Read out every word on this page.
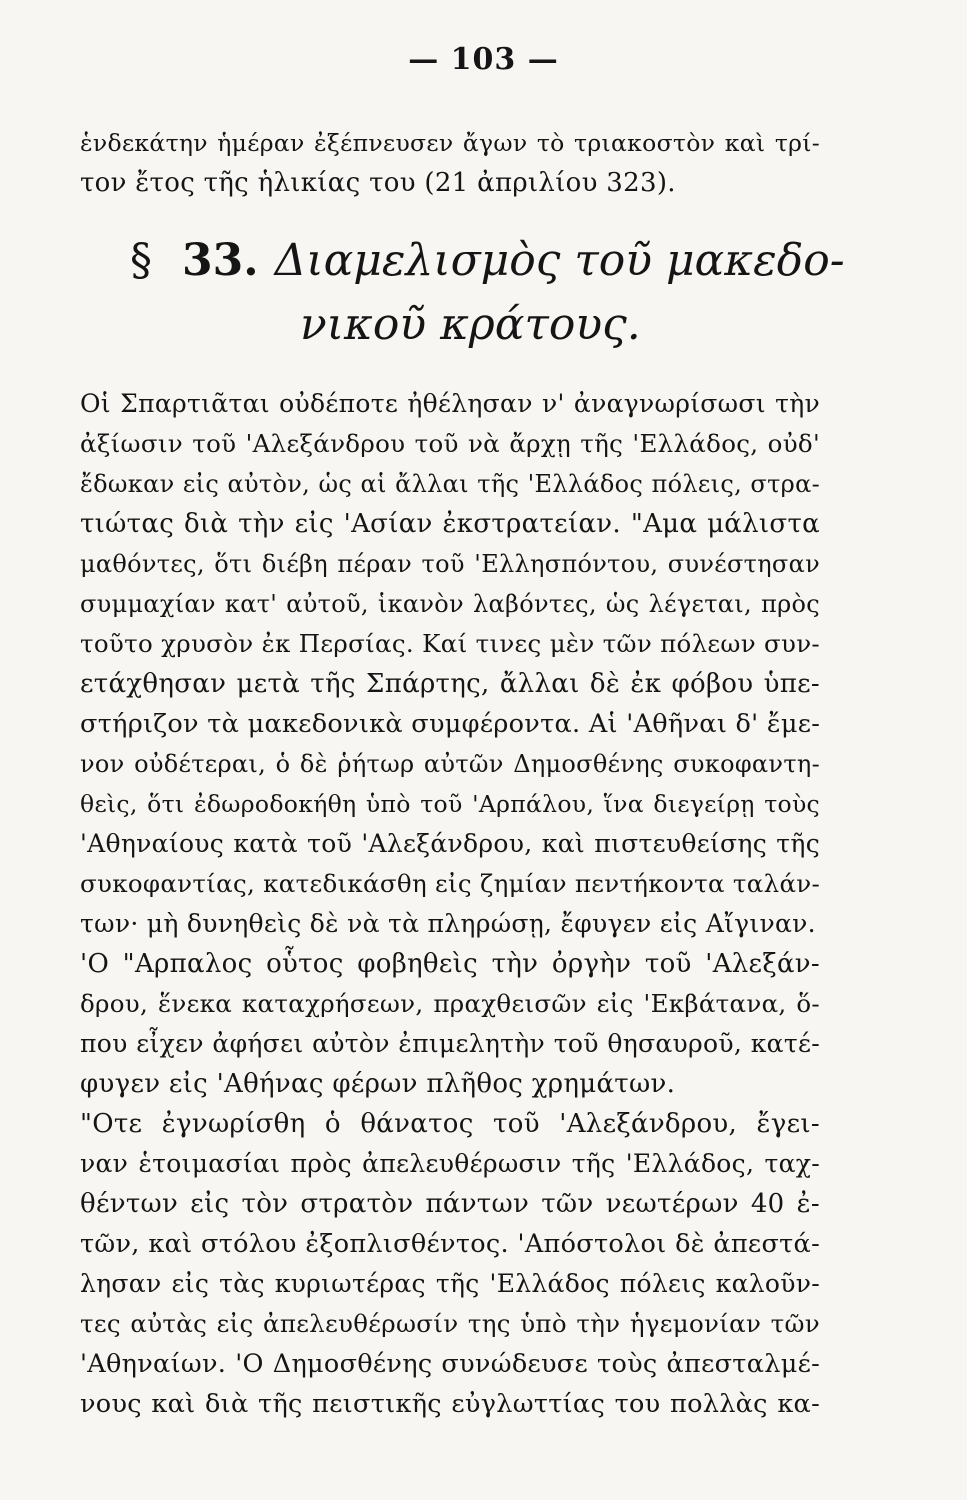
— 103 —
ἑνδεκάτην ἡμέραν ἐξέπνευσεν ἄγων τὸ τριακοστὸν καὶ τρί-
τον ἔτος τῆς ἡλικίας του (21 ἀπριλίου 323).
§ 33. Διαμελισμὸς τοῦ μακεδο-
νικοῦ κράτους.
Οἱ Σπαρτιᾶται οὐδέποτε ἠθέλησαν ν' ἀναγνωρίσωσι τὴν
ἀξίωσιν τοῦ 'Αλεξάνδρου τοῦ νὰ ἄρχῃ τῆς 'Ελλάδος, οὐδ'
ἔδωκαν εἰς αὐτὸν, ὡς αἱ ἄλλαι τῆς 'Ελλάδος πόλεις, στρα-
τιώτας διὰ τὴν εἰς 'Ασίαν ἐκστρατείαν. "Αμα μάλιστα
μαθόντες, ὅτι διέβη πέραν τοῦ 'Ελλησπόντου, συνέστησαν
συμμαχίαν κατ' αὐτοῦ, ἱκανὸν λαβόντες, ὡς λέγεται, πρὸς
τοῦτο χρυσὸν ἐκ Περσίας. Καί τινες μὲν τῶν πόλεων συν-
ετάχθησαν μετὰ τῆς Σπάρτης, ἄλλαι δὲ ἐκ φόβου ὑπε-
στήριζον τὰ μακεδονικὰ συμφέροντα. Αἱ 'Αθῆναι δ' ἔμε-
νον οὐδέτεραι, ὁ δὲ ῥήτωρ αὐτῶν Δημοσθένης συκοφαντη-
θεὶς, ὅτι ἐδωροδοκήθη ὑπὸ τοῦ 'Αρπάλου, ἵνα διεγείρῃ τοὺς
'Αθηναίους κατὰ τοῦ 'Αλεξάνδρου, καὶ πιστευθείσης τῆς
συκοφαντίας, κατεδικάσθη εἰς ζημίαν πεντήκοντα ταλάν-
των· μὴ δυνηθεὶς δὲ νὰ τὰ πληρώσῃ, ἔφυγεν εἰς Αἴγιναν.
'Ο "Αρπαλος οὗτος φοβηθεὶς τὴν ὀργὴν τοῦ 'Αλεξάν-
δρου, ἕνεκα καταχρήσεων, πραχθεισῶν εἰς 'Εκβάτανα, ὅ-
που εἶχεν ἀφήσει αὐτὸν ἐπιμελητὴν τοῦ θησαυροῦ, κατέ-
φυγεν εἰς 'Αθήνας φέρων πλῆθος χρημάτων.
"Οτε ἐγνωρίσθη ὁ θάνατος τοῦ 'Αλεξάνδρου, ἔγει-
ναν ἑτοιμασίαι πρὸς ἀπελευθέρωσιν τῆς 'Ελλάδος, ταχ-
θέντων εἰς τὸν στρατὸν πάντων τῶν νεωτέρων 40 ἐ-
τῶν, καὶ στόλου ἐξοπλισθέντος. 'Απόστολοι δὲ ἀπεστά-
λησαν εἰς τὰς κυριωτέρας τῆς 'Ελλάδος πόλεις καλοῦν-
τες αὐτὰς εἰς ἀπελευθέρωσίν της ὑπὸ τὴν ἡγεμονίαν τῶν
'Αθηναίων. 'Ο Δημοσθένης συνώδευσε τοὺς ἀπεσταλμέ-
νους καὶ διὰ τῆς πειστικῆς εὐγλωττίας του πολλὰς κα-
